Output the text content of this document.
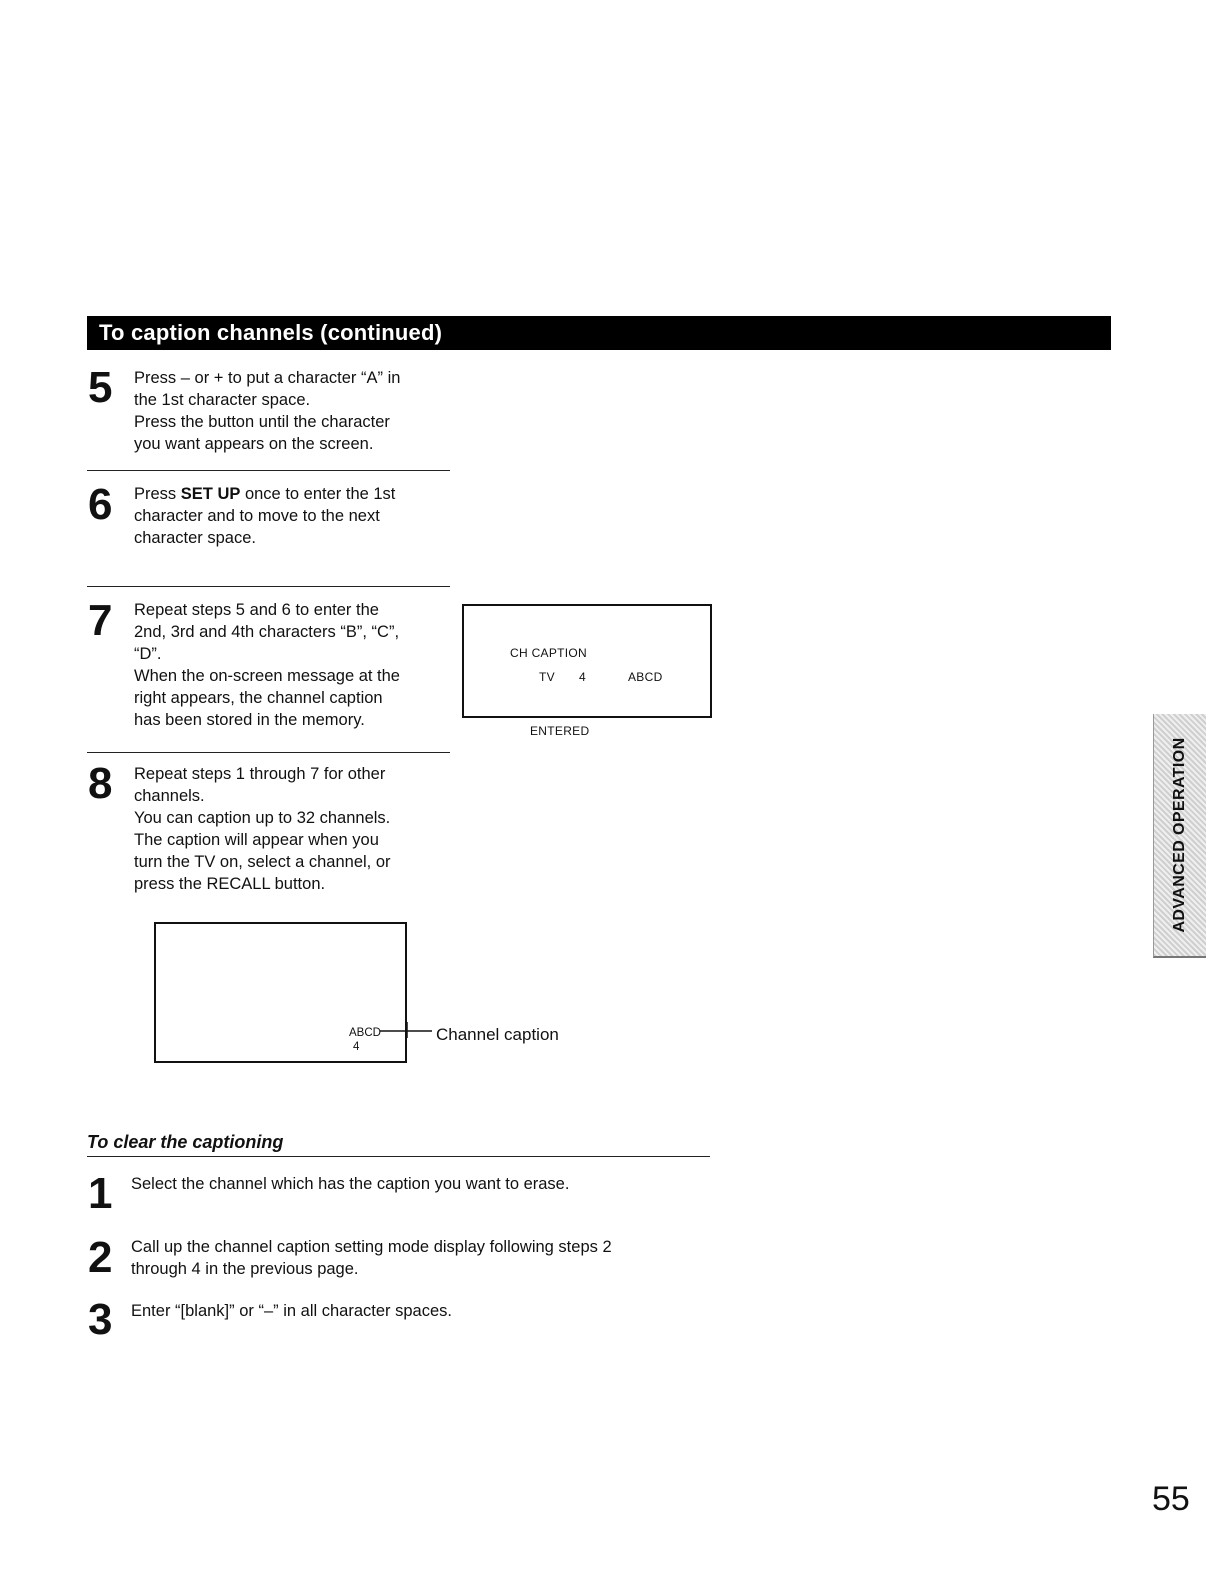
To caption channels (continued)
5 Press – or + to put a character “A” in

the 1st character space.

Press the button until the character

you want appears on the screen.

6 Press SET UP once to enter the 1st

character and to move to the next

character space.

7 Repeat steps 5 and 6 to enter the

2nd, 3rd and 4th characters “B”, “C”,

“D”.

When the on-screen message at the

right appears, the channel caption

has been stored in the memory.

CH CAPTION
TV 4	ABCD
ENTERED
8 Repeat steps 1 through 7 for other

channels.

You can caption up to 32 channels.

The caption will appear when you

turn the TV on, select a channel, or

press the RECALL button.

ABCD
4
Channel caption
To clear the captioning
1 Select the channel which has the caption you want to erase.

2 Call up the channel caption setting mode display following steps 2

through 4 in the previous page.

3 Enter “[blank]” or “–” in all character spaces.

ADVANCED OPERATION
55
